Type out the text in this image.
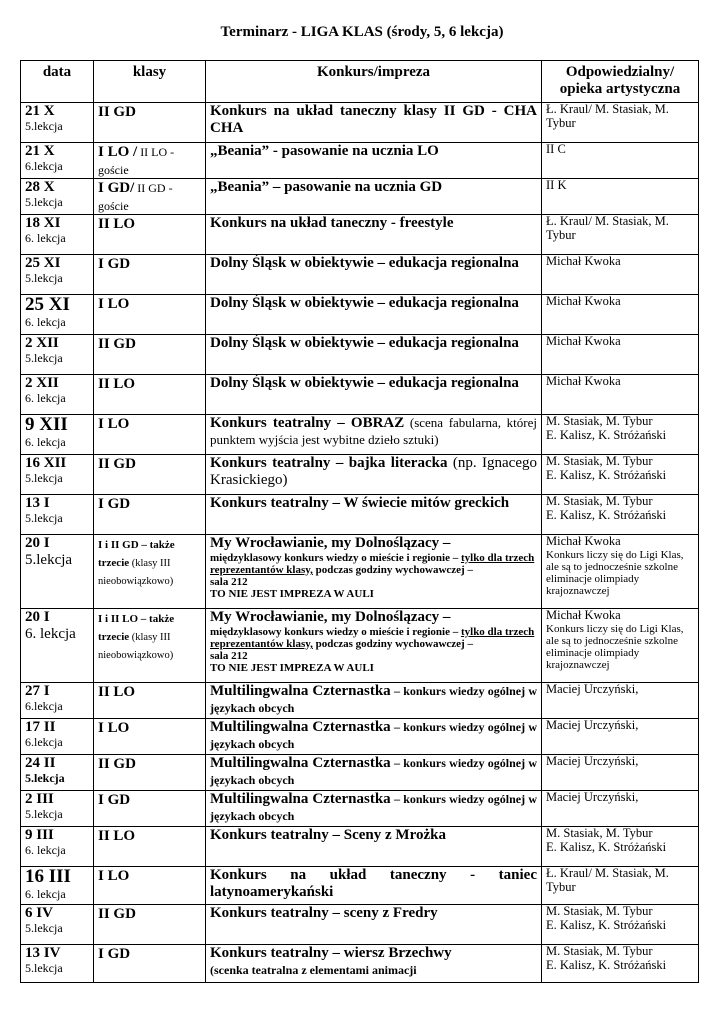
Terminarz - LIGA KLAS (środy, 5, 6 lekcja)
data	klasy	Konkurs/impreza	Odpowiedzialny/ opieka artystyczna

21 X
5.lekcja	II GD	Konkurs na układ taneczny klasy II GD - CHA CHA	Ł. Kraul/ M. Stasiak, M. Tybur

21 X
6.lekcja	I LO / II LO - goście	„Beania” - pasowanie na ucznia LO	II C

28 X
5.lekcja	I GD/ II GD - goście	„Beania” – pasowanie na ucznia GD	II K

18 XI
6. lekcja	II LO	Konkurs na układ taneczny - freestyle	Ł. Kraul/ M. Stasiak, M. Tybur

25 XI
5.lekcja	I GD	Dolny Śląsk w obiektywie – edukacja regionalna	Michał Kwoka

25 XI
6. lekcja	I LO	Dolny Śląsk w obiektywie – edukacja regionalna	Michał Kwoka

2 XII
5.lekcja	II GD	Dolny Śląsk w obiektywie – edukacja regionalna	Michał Kwoka

2 XII
6. lekcja	II LO	Dolny Śląsk w obiektywie – edukacja regionalna	Michał Kwoka

9 XII
6. lekcja	I LO	Konkurs teatralny – OBRAZ (scena fabularna, której punktem wyjścia jest wybitne dzieło sztuki)	M. Stasiak, M. Tybur
E. Kalisz, K. Stróżański

16 XII
5.lekcja	II GD	Konkurs teatralny – bajka literacka (np. Ignacego Krasickiego)	M. Stasiak, M. Tybur
E. Kalisz, K. Stróżański

13 I
5.lekcja	I GD	Konkurs teatralny – W świecie mitów greckich	M. Stasiak, M. Tybur
E. Kalisz, K. Stróżański

20 I
5.lekcja	I i II GD – także trzecie (klasy III nieobowiązkowo)	My Wrocławianie, my Dolnoślązacy –
międzyklasowy konkurs wiedzy o mieście i regionie – tylko dla trzech reprezentantów klasy, podczas godziny wychowawczej –
sala 212
TO NIE JEST IMPREZA W AULI	Michał Kwoka
Konkurs liczy się do Ligi Klas, ale są to jednocześnie szkolne eliminacje olimpiady krajoznawczej

20 I
6. lekcja	I i II LO – także trzecie (klasy III nieobowiązkowo)	My Wrocławianie, my Dolnoślązacy –
międzyklasowy konkurs wiedzy o mieście i regionie – tylko dla trzech reprezentantów klasy, podczas godziny wychowawczej –
sala 212
TO NIE JEST IMPREZA W AULI	Michał Kwoka
Konkurs liczy się do Ligi Klas, ale są to jednocześnie szkolne eliminacje olimpiady krajoznawczej

27 I
6.lekcja	II LO	Multilingwalna Czternastka – konkurs wiedzy ogólnej w językach obcych	Maciej Urczyński,

17 II
6.lekcja	I LO	Multilingwalna Czternastka – konkurs wiedzy ogólnej w językach obcych	Maciej Urczyński,

24 II
5.lekcja	II GD	Multilingwalna Czternastka – konkurs wiedzy ogólnej w językach obcych	Maciej Urczyński,

2 III
5.lekcja	I GD	Multilingwalna Czternastka – konkurs wiedzy ogólnej w językach obcych	Maciej Urczyński,

9 III
6. lekcja	II LO	Konkurs teatralny – Sceny z Mrożka	M. Stasiak, M. Tybur
E. Kalisz, K. Stróżański

16 III
6. lekcja	I LO	Konkurs na układ taneczny - taniec latynoamerykański	Ł. Kraul/ M. Stasiak, M. Tybur

6 IV
5.lekcja	II GD	Konkurs teatralny – sceny z Fredry	M. Stasiak, M. Tybur
E. Kalisz, K. Stróżański

13 IV
5.lekcja	I GD	Konkurs teatralny – wiersz Brzechwy
(scenka teatralna z elementami animacji	M. Stasiak, M. Tybur
E. Kalisz, K. Stróżański
